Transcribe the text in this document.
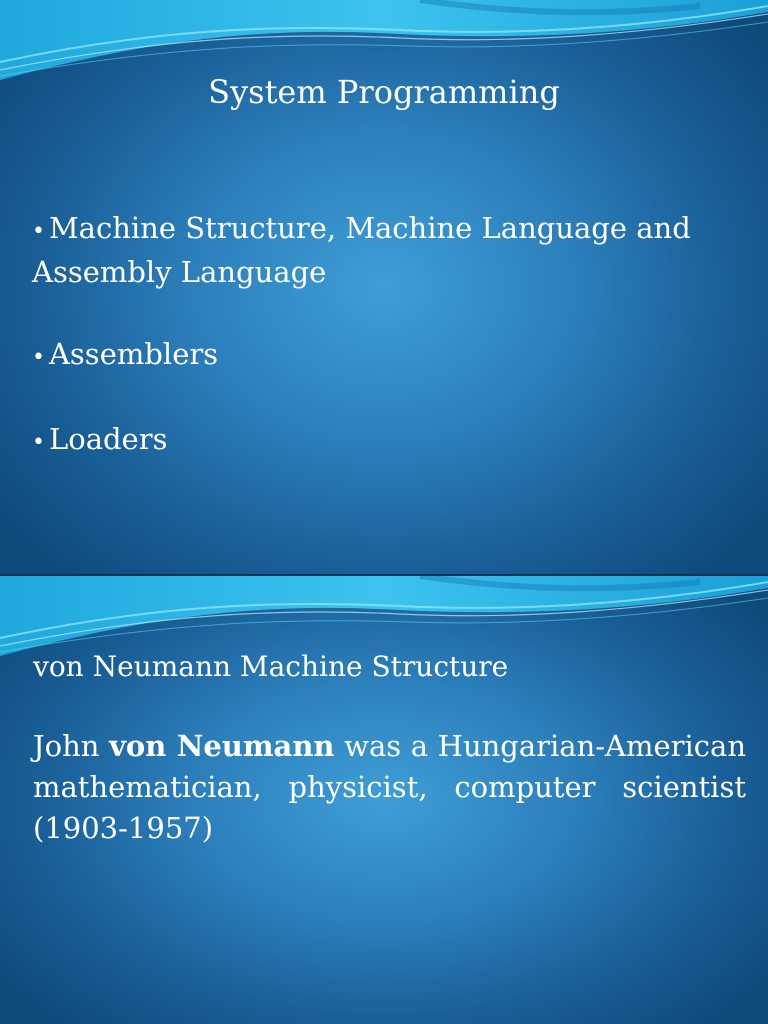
System Programming
• Machine Structure, Machine Language and Assembly Language
• Assemblers
• Loaders
von Neumann Machine Structure

John von Neumann was a Hungarian-American mathematician, physicist, computer scientist (1903-1957)
